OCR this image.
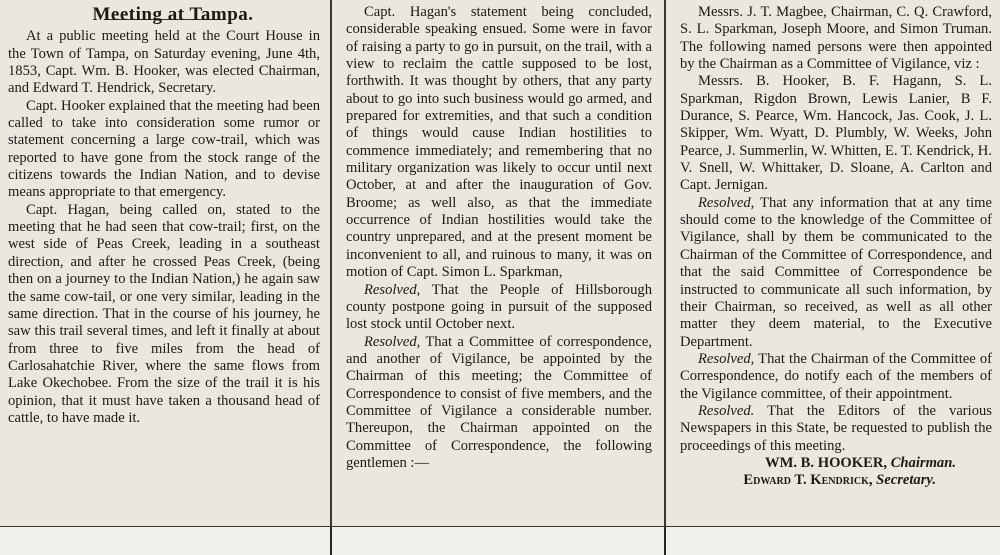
Meeting at Tampa.

At a public meeting held at the Court House in the Town of Tampa, on Saturday evening, June 4th, 1853, Capt. Wm. B. Hooker, was elected Chairman, and Edward T. Hendrick, Secretary.

Capt. Hooker explained that the meeting had been called to take into consideration some rumor or statement concerning a large cow-trail, which was reported to have gone from the stock range of the citizens towards the Indian Nation, and to devise means appropriate to that emergency.

Capt. Hagan, being called on, stated to the meeting that he had seen that cow-trail; first, on the west side of Peas Creek, leading in a southeast direction, and after he crossed Peas Creek, (being then on a journey to the Indian Nation,) he again saw the same cow-tail, or one very similar, leading in the same direction. That in the course of his journey, he saw this trail several times, and left it finally at about from three to five miles from the head of Carlosahatchie River, where the same flows from Lake Okechobee. From the size of the trail it is his opinion, that it must have taken a thousand head of cattle, to have made it.

Capt. Hagan's statement being concluded, considerable speaking ensued. Some were in favor of raising a party to go in pursuit, on the trail, with a view to reclaim the cattle supposed to be lost, forthwith. It was thought by others, that any party about to go into such business would go armed, and prepared for extremities, and that such a condition of things would cause Indian hostilities to commence immediately; and remembering that no military organization was likely to occur until next October, at and after the inauguration of Gov. Broome; as well also, as that the immediate occurrence of Indian hostilities would take the country unprepared, and at the present moment be inconvenient to all, and ruinous to many, it was on motion of Capt. Simon L. Sparkman,

Resolved, That the People of Hillsborough county postpone going in pursuit of the supposed lost stock until October next.

Resolved, That a Committee of correspondence, and another of Vigilance, be appointed by the Chairman of this meeting; the Committee of Correspondence to consist of five members, and the Committee of Vigilance a considerable number. Thereupon, the Chairman appointed on the Committee of Correspondence, the following gentlemen :—

Messrs. J. T. Magbee, Chairman, C. Q. Crawford, S. L. Sparkman, Joseph Moore, and Simon Truman. The following named persons were then appointed by the Chairman as a Committee of Vigilance, viz :

Messrs. B. Hooker, B. F. Hagann, S. L. Sparkman, Rigdon Brown, Lewis Lanier, B F. Durance, S. Pearce, Wm. Hancock, Jas. Cook, J. L. Skipper, Wm. Wyatt, D. Plumbly, W. Weeks, John Pearce, J. Summerlin, W. Whitten, E. T. Kendrick, H. V. Snell, W. Whittaker, D. Sloane, A. Carlton and Capt. Jernigan.

Resolved, That any information that at any time should come to the knowledge of the Committee of Vigilance, shall by them be communicated to the Chairman of the Committee of Correspondence, and that the said Committee of Correspondence be instructed to communicate all such information, by their Chairman, so received, as well as all other matter they deem material, to the Executive Department.

Resolved, That the Chairman of the Committee of Correspondence, do notify each of the members of the Vigilance committee, of their appointment.

Resolved. That the Editors of the various Newspapers in this State, be requested to publish the proceedings of this meeting.

WM. B. HOOKER, Chairman.

Edward T. Kendrick, Secretary.
